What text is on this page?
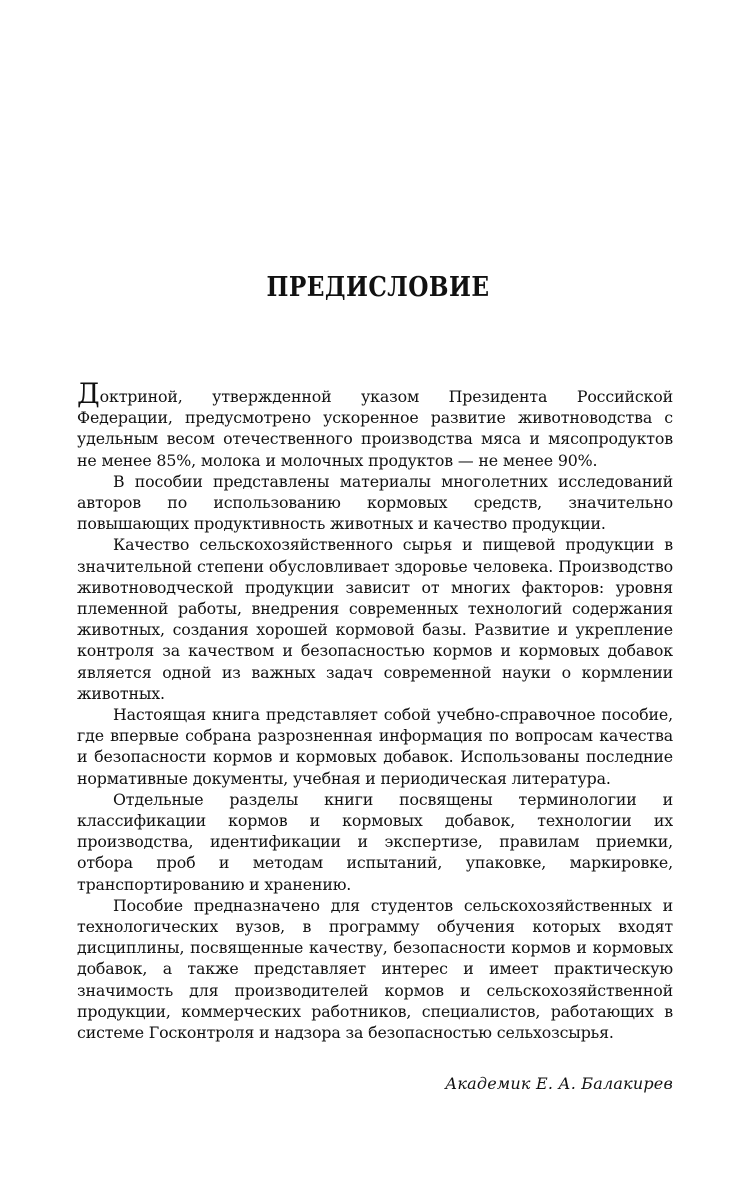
ПРЕДИСЛОВИЕ

Доктриной, утвержденной указом Президента Российской Федерации, предусмотрено ускоренное развитие животноводства с удельным весом отечественного производства мяса и мясопродуктов не менее 85%, молока и молочных продуктов — не менее 90%.

В пособии представлены материалы многолетних исследований авторов по использованию кормовых средств, значительно повышающих продуктивность животных и качество продукции.

Качество сельскохозяйственного сырья и пищевой продукции в значительной степени обусловливает здоровье человека. Производство животноводческой продукции зависит от многих факторов: уровня племенной работы, внедрения современных технологий содержания животных, создания хорошей кормовой базы. Развитие и укрепление контроля за качеством и безопасностью кормов и кормовых добавок является одной из важных задач современной науки о кормлении животных.

Настоящая книга представляет собой учебно-справочное пособие, где впервые собрана разрозненная информация по вопросам качества и безопасности кормов и кормовых добавок. Использованы последние нормативные документы, учебная и периодическая литература.

Отдельные разделы книги посвящены терминологии и классификации кормов и кормовых добавок, технологии их производства, идентификации и экспертизе, правилам приемки, отбора проб и методам испытаний, упаковке, маркировке, транспортированию и хранению.

Пособие предназначено для студентов сельскохозяйственных и технологических вузов, в программу обучения которых входят дисциплины, посвященные качеству, безопасности кормов и кормовых добавок, а также представляет интерес и имеет практическую значимость для производителей кормов и сельскохозяйственной продукции, коммерческих работников, специалистов, работающих в системе Госконтроля и надзора за безопасностью сельхозсырья.

Академик Е. А. Балакирев
